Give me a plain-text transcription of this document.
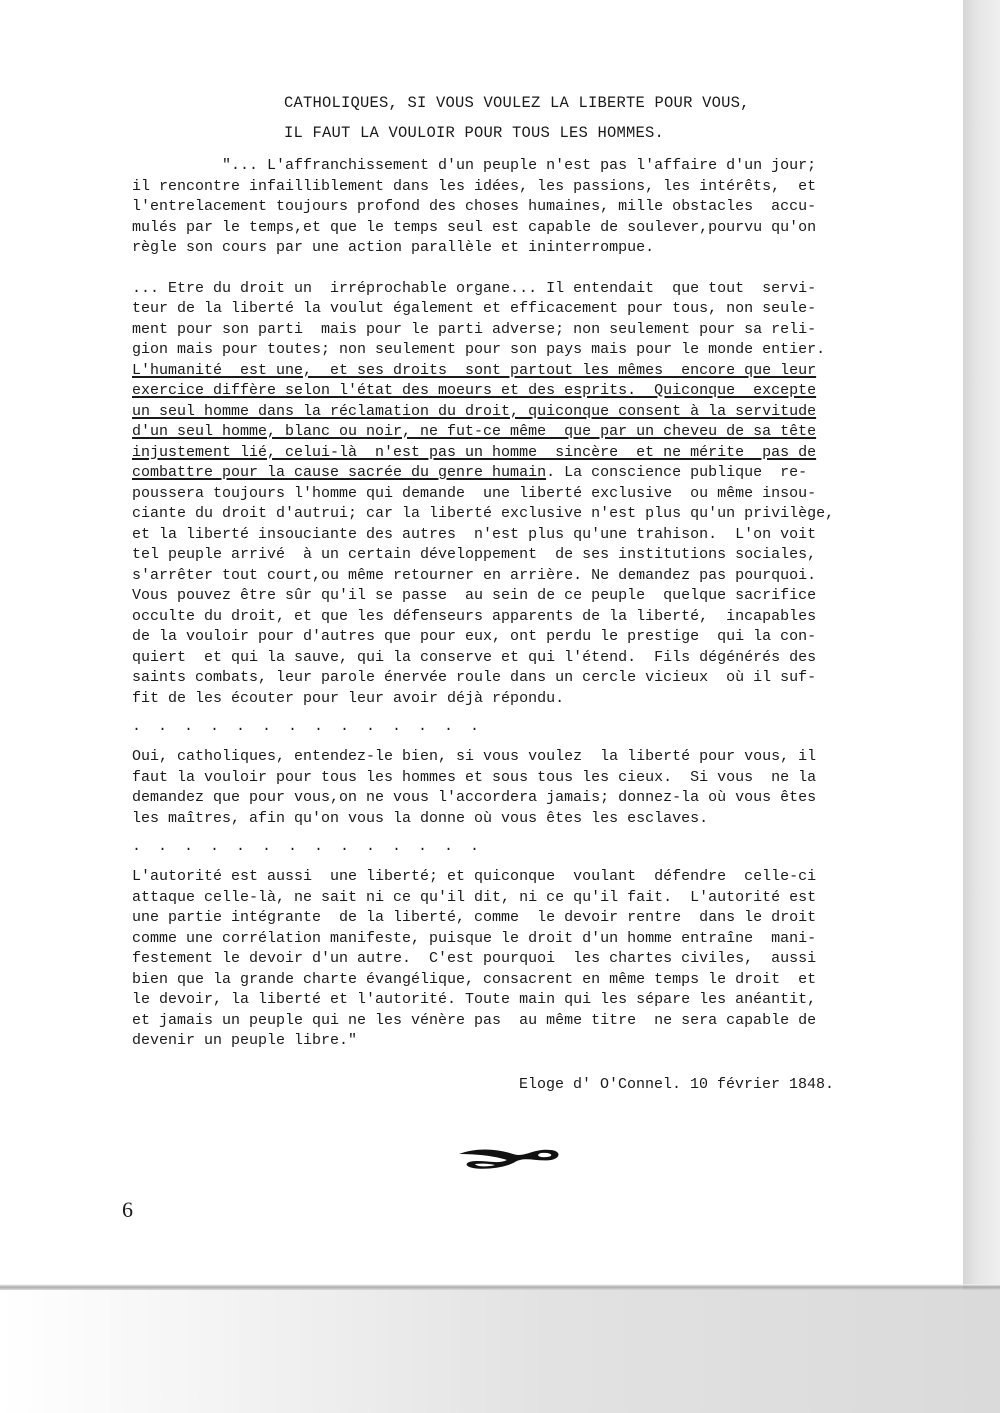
CATHOLIQUES, SI VOUS VOULEZ LA LIBERTE POUR VOUS,
IL FAUT LA VOULOIR POUR TOUS LES HOMMES.
"... L'affranchissement d'un peuple n'est pas l'affaire d'un jour;
il rencontre infailliblement dans les idées, les passions, les intérêts,  et
l'entrelacement toujours profond des choses humaines, mille obstacles  accu-
mulés par le temps,et que le temps seul est capable de soulever,pourvu qu'on
règle son cours par une action parallèle et ininterrompue.
... Etre du droit un  irréprochable organe... Il entendait  que tout  servi-
teur de la liberté la voulut également et efficacement pour tous, non seule-
ment pour son parti  mais pour le parti adverse; non seulement pour sa reli-
gion mais pour toutes; non seulement pour son pays mais pour le monde entier.
L'humanité  est une,  et ses droits  sont partout les mêmes  encore que leur
exercice diffère selon l'état des moeurs et des esprits.  Quiconque  excepte
un seul homme dans la réclamation du droit, quiconque consent à la servitude
d'un seul homme, blanc ou noir, ne fut-ce même  que par un cheveu de sa tête
injustement lié, celui-là  n'est pas un homme  sincère  et ne mérite  pas de
combattre pour la cause sacrée du genre humain. La conscience publique  re-
poussera toujours l'homme qui demande  une liberté exclusive  ou même insou-
ciante du droit d'autrui; car la liberté exclusive n'est plus qu'un privilège,
et la liberté insouciante des autres  n'est plus qu'une trahison.  L'on voit
tel peuple arrivé  à un certain développement  de ses institutions sociales,
s'arrêter tout court,ou même retourner en arrière. Ne demandez pas pourquoi.
Vous pouvez être sûr qu'il se passe  au sein de ce peuple  quelque sacrifice
occulte du droit, et que les défenseurs apparents de la liberté,  incapables
de la vouloir pour d'autres que pour eux, ont perdu le prestige  qui la con-
quiert  et qui la sauve, qui la conserve et qui l'étend.  Fils dégénérés des
saints combats, leur parole énervée roule dans un cercle vicieux  où il suf-
fit de les écouter pour leur avoir déjà répondu.
. . . . . . . . . . . . . .
Oui, catholiques, entendez-le bien, si vous voulez  la liberté pour vous, il
faut la vouloir pour tous les hommes et sous tous les cieux.  Si vous  ne la
demandez que pour vous,on ne vous l'accordera jamais; donnez-la où vous êtes
les maîtres, afin qu'on vous la donne où vous êtes les esclaves.
. . . . . . . . . . . . . .
L'autorité est aussi  une liberté; et quiconque  voulant  défendre  celle-ci
attaque celle-là, ne sait ni ce qu'il dit, ni ce qu'il fait.  L'autorité est
une partie intégrante  de la liberté, comme  le devoir rentre  dans le droit
comme une corrélation manifeste, puisque le droit d'un homme entraîne  mani-
festement le devoir d'un autre.  C'est pourquoi  les chartes civiles,  aussi
bien que la grande charte évangélique, consacrent en même temps le droit  et
le devoir, la liberté et l'autorité. Toute main qui les sépare les anéantit,
et jamais un peuple qui ne les vénère pas  au même titre  ne sera capable de
devenir un peuple libre."
Eloge d' O'Connel. 10 février 1848.
6
